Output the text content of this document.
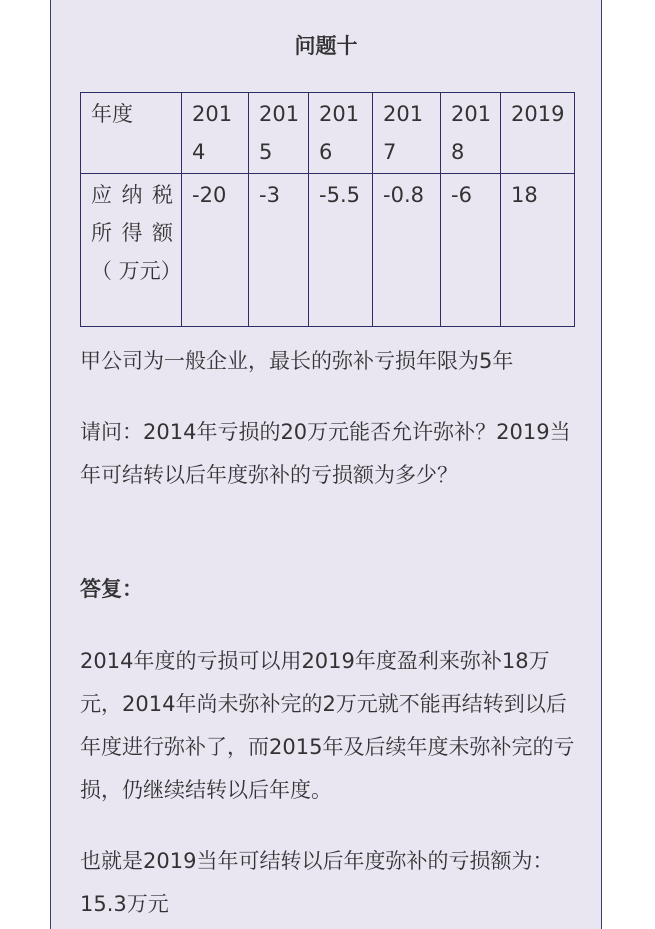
问题十
年度	2014	2015	2016	2017	2018	2019
应纳税所得额（ 万元）	-20	-3	-5.5	-0.8	-6	18

甲公司为一般企业，最长的弥补亏损年限为5年

请问：2014年亏损的20万元能否允许弥补？2019当年可结转以后年度弥补的亏损额为多少？

答复：

2014年度的亏损可以用2019年度盈利来弥补18万元，2014年尚未弥补完的2万元就不能再结转到以后年度进行弥补了，而2015年及后续年度未弥补完的亏损，仍继续结转以后年度。

也就是2019当年可结转以后年度弥补的亏损额为：15.3万元
